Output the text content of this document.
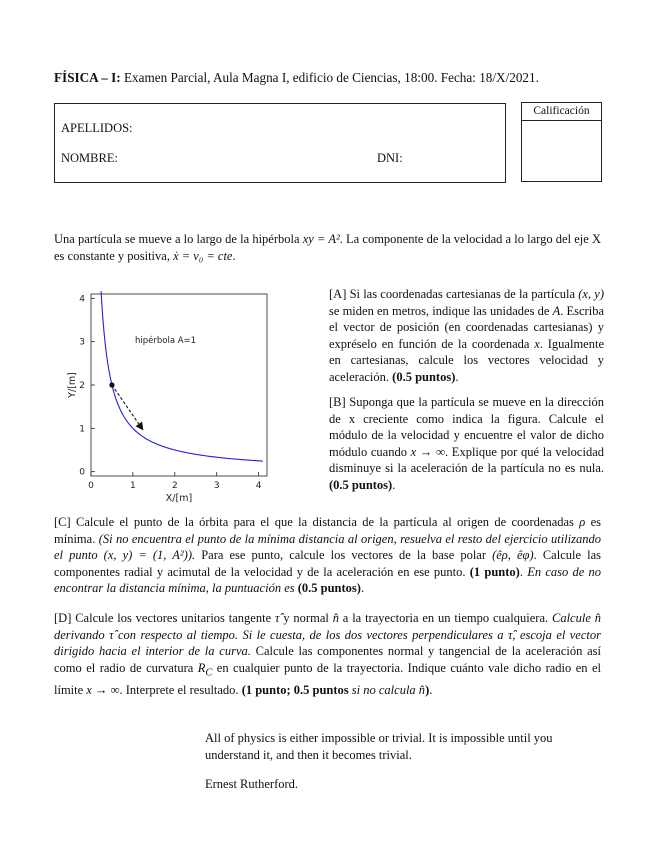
FÍSICA – I: Examen Parcial, Aula Magna I, edificio de Ciencias, 18:00. Fecha: 18/X/2021.
APELLIDOS:
NOMBRE:	DNI:
Calificación
Una partícula se mueve a lo largo de la hipérbola xy = A². La componente de la velocidad a lo largo del eje X es constante y positiva, ẋ = v₀ = cte.
0	1	2	3	4
0
1
2
3
4
hipérbola A=1
X/[m]
Y/[m]
[A] Si las coordenadas cartesianas de la partícula (x, y) se miden en metros, indique las unidades de A. Escriba el vector de posición (en coordenadas cartesianas) y expréselo en función de la coordenada x. Igualmente en cartesianas, calcule los vectores velocidad y aceleración. (0.5 puntos).
[B] Suponga que la partícula se mueve en la dirección de x creciente como indica la figura. Calcule el módulo de la velocidad y encuentre el valor de dicho módulo cuando x → ∞. Explique por qué la velocidad disminuye si la aceleración de la partícula no es nula. (0.5 puntos).
[C] Calcule el punto de la órbita para el que la distancia de la partícula al origen de coordenadas ρ es mínima. (Si no encuentra el punto de la mínima distancia al origen, resuelva el resto del ejercicio utilizando el punto (x, y) = (1, A²)). Para ese punto, calcule los vectores de la base polar (êρ, êφ). Calcule las componentes radial y acimutal de la velocidad y de la aceleración en ese punto. (1 punto). En caso de no encontrar la distancia mínima, la puntuación es (0.5 puntos).
[D] Calcule los vectores unitarios tangente τ̂ y normal n̂ a la trayectoria en un tiempo cualquiera. Calcule n̂ derivando τ̂ con respecto al tiempo. Si le cuesta, de los dos vectores perpendiculares a τ̂, escoja el vector dirigido hacia el interior de la curva. Calcule las componentes normal y tangencial de la aceleración así como el radio de curvatura $R_C$ en cualquier punto de la trayectoria. Indique cuánto vale dicho radio en el límite x → ∞. Interprete el resultado. (1 punto; 0.5 puntos si no calcula n̂).
All of physics is either impossible or trivial. It is impossible until you understand it, and then it becomes trivial.
Ernest Rutherford.
